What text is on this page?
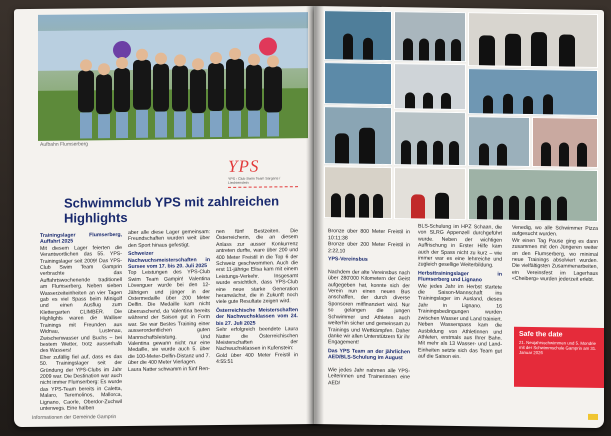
Aufbahn Flumserberg
YPS
YPS - Club Swim Team Sargans / Liechtenstein
Schwimmclub YPS mit zahlreichen Highlights
Trainingslager Flumserberg, Auffahrt 2025
Mit diesem Lager feierten die Verantwortlichen das 55. YPS-Trainingslager seit 2009! Das YPS-Club Swim Team Gamprin verbrachte das Auffahrtswochenende traditionell am Flumserberg. Neben sieben Wasserzeiteinheiten an vier Tagen gab es viel Spass beim Minigolf und einen Ausflug zum Klettergarten CLIMBER. Die Highlights waren die Walliser Trainings mit Freunden aus Widnau, Lustenau, Zwischenwasser und Buchs – bei bestem Wetter, trotz ausserhalb des Wassers!
Eher zufällig fiel auf, dass es das 50. Trainingslager seit der Gründung der YPS-Clubs im Jahr 2009 war. Die Destination war auch nicht immer Flumserberg: Es wurde das YPS-Team bereits in Caletta, Malaro, Teremolinos, Mallorca, Lignano, Caorle, Oberdor-Zuchwil unterwegs. Eine halben
aber alle diese Lager gemeinsam: Freundschaften wurden weit über den Sport hinaus gefestigt.
Schweizer Nachwuchsmeisterschaften in Sursee vom 17. bis 20. Juli 2025
Top Leistungen des YPS-Club Swim Team Gampin! Valentina Lövenguer wurde bei den 12-Jährigen und jünger in der Ostermedaille über 200 Meter Delfin. Die Medaille kam nicht überraschend, da Valentina bereits während der Saison gut in Form war. Sie war Bestes Training einer ausserordentlichen guten Mannschaftsleistung. Und Valentina gewann nicht nur eine Medaille, sie wurde auch 5. über die 100-Meter-Delfin-Distanz und 7. über die 400 Meter Vierlagen.
Laura Natter schwamm in fünf Ren-
nen fünf Bestzeiten. Die Österreicherin, die an diesem Anlass zur ausser Konkurrenz antreten durfte, ware über 200 und 400 Meter Freistil in die Top 6 der Schweiz geschwommen. Auch die erst 11-jährige Elisa kam mit einem Leistungs-Verkehr. Insgesamt wurde ersichtlich, dass YPS-Club eine neue starke Generation heranwächst, die in Zukunft noch viele gute Resultate zeigen wird.
Österreichische Meisterschaften der Nachwuchsklassen vom 24. bis 27. Juli 2025
Sehr erfolgreich beendete Laura Natter die Österreichischen Meisterschaften der Nachwuchsklassen in Kufenstein:
Gold über 400 Meter Freistil in 4:55:51
Informationen der Gemeinde Gamprin

Bronze über 800 Meter Freistil in 10:11:38
Bronze über 200 Meter Freistil in 2:22,10

YPS-Vereinsbus

Nachdem der alte Vereinsbus nach über 280'000 Kilometern der Geist aufgegeben hat, konnte sich der Verein nun einen neuen Bus anschaffen, der durch diverse Sponsoren mitfinanziert wird. Nur so gelangen die jungen Schwimmer und Athleten auch weiterhin sicher und gemeinsam zu Trainings und Wettkämpfen. Daher danke wir allen Unterstützern für ihr Engagement!

Das YPS Team an der jährlichen AED/BLS-Schulung im August

Wie jedes Jahr nahmen alle YPS-Leiterinnen und Trainerinnen eine AED/

BLS-Schulung im HPZ Schaan, die von SLRG Appenzell durchgeführt wurde. Neben der wichtigen Auffrischung in Erster Hilfe kam auch der Spass nicht zu kurz – wie immer war es eine lehrreiche und zugleich gesellige Weiterbildung.
Herbsttrainingslager in Flumserberg und Lignano
Wie jedes Jahr im Herbst startete die Saison-Mannschaft ins Trainingslager im Ausland, dieses Jahr in Lignano. 16 Trainingsbedingungen wurden zwischen Wasser und Land trainiert. Neben Wasserspass kam die Ausbildung von Athletinnen und Athleten, erstmals aus Ihrer Bahn. Mit mehr als 13 Wasser- und Land-Einheiten setzte sich das Team gut auf die Saison ein.
Venedig, wo alle Schwimmer Pizza aufgesucht wurden.
Wir einen Tag Pause ging es dann zusammen mit den Jüngeren weiter an den Flumserberg, wo minimal neue Trainings absolviert wurden. Die vielfältigsten Zusammenarbeiten, ein Vereinsfest im Lagerhaus «Cheiberg» wurden jederzeit erlebt.
Safe the date
21. Neujahrsschwimmen und 5. Mondrie mit der Schwimmschule Gamprin am 31. Januar 2026
